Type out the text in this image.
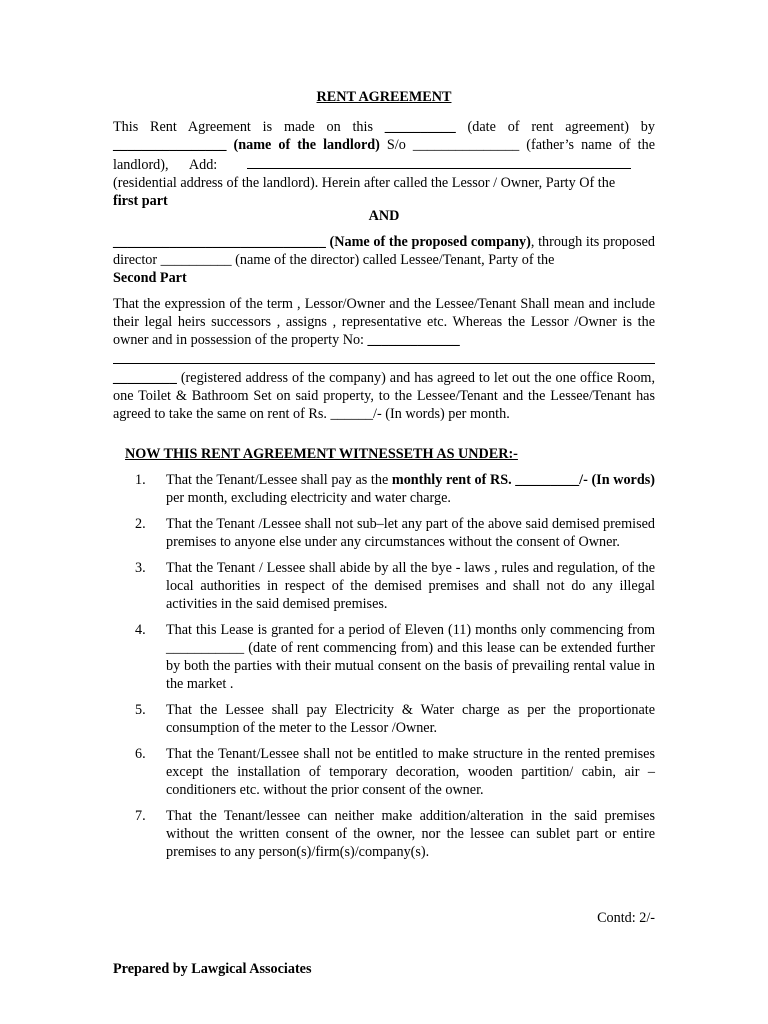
RENT AGREEMENT
This Rent Agreement is made on this __________ (date of rent agreement) by ________________ (name of the landlord) S/o _______________ (father’s name of the landlord), Add:
(residential address of the landlord). Herein after called the Lessor / Owner, Party Of the
first part
AND
______________________________ (Name of the proposed company), through its proposed director __________ (name of the director) called Lessee/Tenant, Party of the
Second Part
That the expression of the term , Lessor/Owner and the Lessee/Tenant Shall mean and include their legal heirs successors , assigns , representative etc. Whereas the Lessor /Owner is the owner and in possession of the property No: _____________

_________ (registered address of the company) and has agreed to let out the one office Room, one Toilet & Bathroom Set on said property, to the Lessee/Tenant and the Lessee/Tenant has agreed to take the same on rent of Rs. ______/- (In words) per month.
NOW THIS RENT AGREEMENT WITNESSETH AS UNDER:-
1. That the Tenant/Lessee shall pay as the monthly rent of RS. _________/- (In words) per month, excluding electricity and water charge.
2. That the Tenant /Lessee shall not sub–let any part of the above said demised premised premises to anyone else under any circumstances without the consent of Owner.
3. That the Tenant / Lessee shall abide by all the bye - laws , rules and regulation, of the local authorities in respect of the demised premises and shall not do any illegal activities in the said demised premises.
4. That this Lease is granted for a period of Eleven (11) months only commencing from ___________ (date of rent commencing from) and this lease can be extended further by both the parties with their mutual consent on the basis of prevailing rental value in the market .
5. That the Lessee shall pay Electricity & Water charge as per the proportionate consumption of the meter to the Lessor /Owner.
6. That the Tenant/Lessee shall not be entitled to make structure in the rented premises except the installation of temporary decoration, wooden partition/ cabin, air – conditioners etc. without the prior consent of the owner.
7. That the Tenant/lessee can neither make addition/alteration in the said premises without the written consent of the owner, nor the lessee can sublet part or entire premises to any person(s)/firm(s)/company(s).
Contd: 2/-
Prepared by Lawgical Associates
